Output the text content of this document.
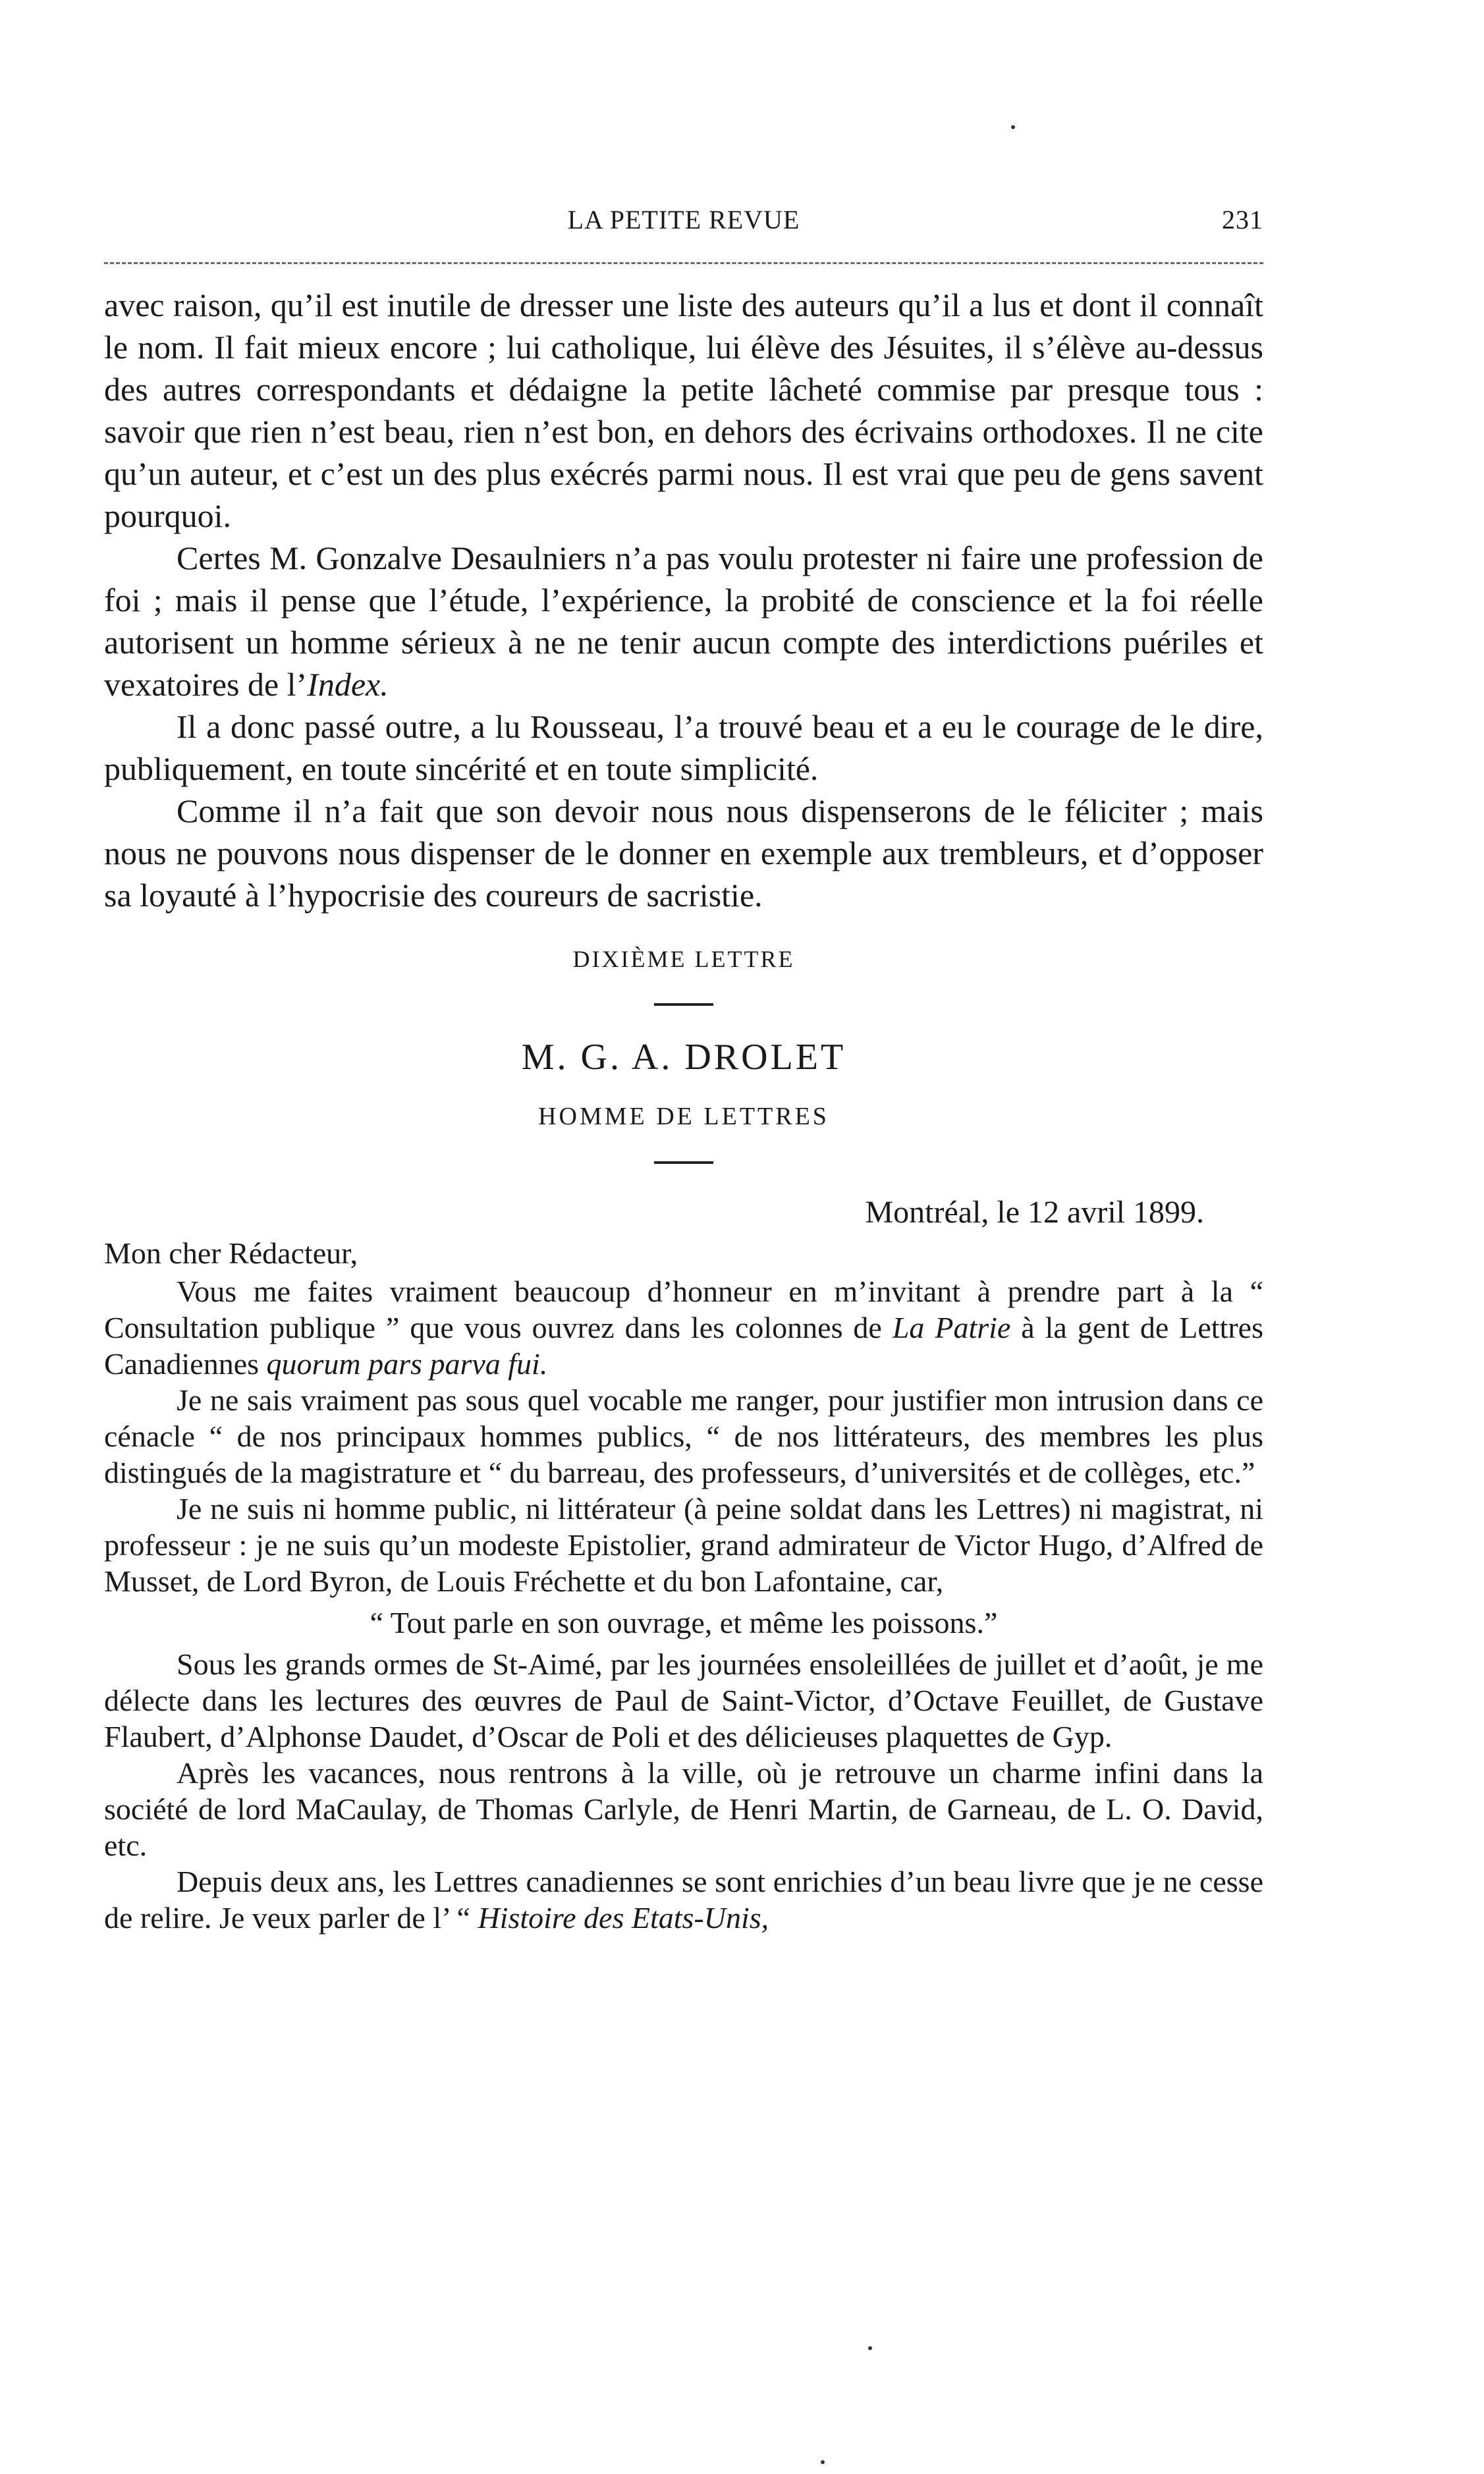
LA PETITE REVUE	231

avec raison, qu’il est inutile de dresser une liste des auteurs qu’il a lus et dont il connaît le nom. Il fait mieux encore ; lui catholique, lui élève des Jésuites, il s’élève au-dessus des autres correspondants et dédaigne la petite lâcheté commise par presque tous : savoir que rien n’est beau, rien n’est bon, en dehors des écrivains orthodoxes. Il ne cite qu’un auteur, et c’est un des plus exécrés parmi nous. Il est vrai que peu de gens savent pourquoi.

Certes M. Gonzalve Desaulniers n’a pas voulu protester ni faire une profession de foi ; mais il pense que l’étude, l’expérience, la probité de conscience et la foi réelle autorisent un homme sérieux à ne ne tenir aucun compte des interdictions puériles et vexatoires de l’Index.

Il a donc passé outre, a lu Rousseau, l’a trouvé beau et a eu le courage de le dire, publiquement, en toute sincérité et en toute simplicité.

Comme il n’a fait que son devoir nous nous dispenserons de le féliciter ; mais nous ne pouvons nous dispenser de le donner en exemple aux trembleurs, et d’opposer sa loyauté à l’hypocrisie des coureurs de sacristie.

DIXIÈME LETTRE
M. G. A. DROLET
HOMME DE LETTRES
Montréal, le 12 avril 1899.
Mon cher Rédacteur,

Vous me faites vraiment beaucoup d’honneur en m’invitant à prendre part à la “ Consultation publique ” que vous ouvrez dans les colonnes de La Patrie à la gent de Lettres Canadiennes quorum pars parva fui.

Je ne sais vraiment pas sous quel vocable me ranger, pour justifier mon intrusion dans ce cénacle “ de nos principaux hommes publics, “ de nos littérateurs, des membres les plus distingués de la magistrature et “ du barreau, des professeurs, d’universités et de collèges, etc.”

Je ne suis ni homme public, ni littérateur (à peine soldat dans les Lettres) ni magistrat, ni professeur : je ne suis qu’un modeste Epistolier, grand admirateur de Victor Hugo, d’Alfred de Musset, de Lord Byron, de Louis Fréchette et du bon Lafontaine, car,

“ Tout parle en son ouvrage, et même les poissons.”

Sous les grands ormes de St-Aimé, par les journées ensoleillées de juillet et d’août, je me délecte dans les lectures des œuvres de Paul de Saint-Victor, d’Octave Feuillet, de Gustave Flaubert, d’Alphonse Daudet, d’Oscar de Poli et des délicieuses plaquettes de Gyp.

Après les vacances, nous rentrons à la ville, où je retrouve un charme infini dans la société de lord MaCaulay, de Thomas Carlyle, de Henri Martin, de Garneau, de L. O. David, etc.

Depuis deux ans, les Lettres canadiennes se sont enrichies d’un beau livre que je ne cesse de relire. Je veux parler de l’ “ Histoire des Etats-Unis,
